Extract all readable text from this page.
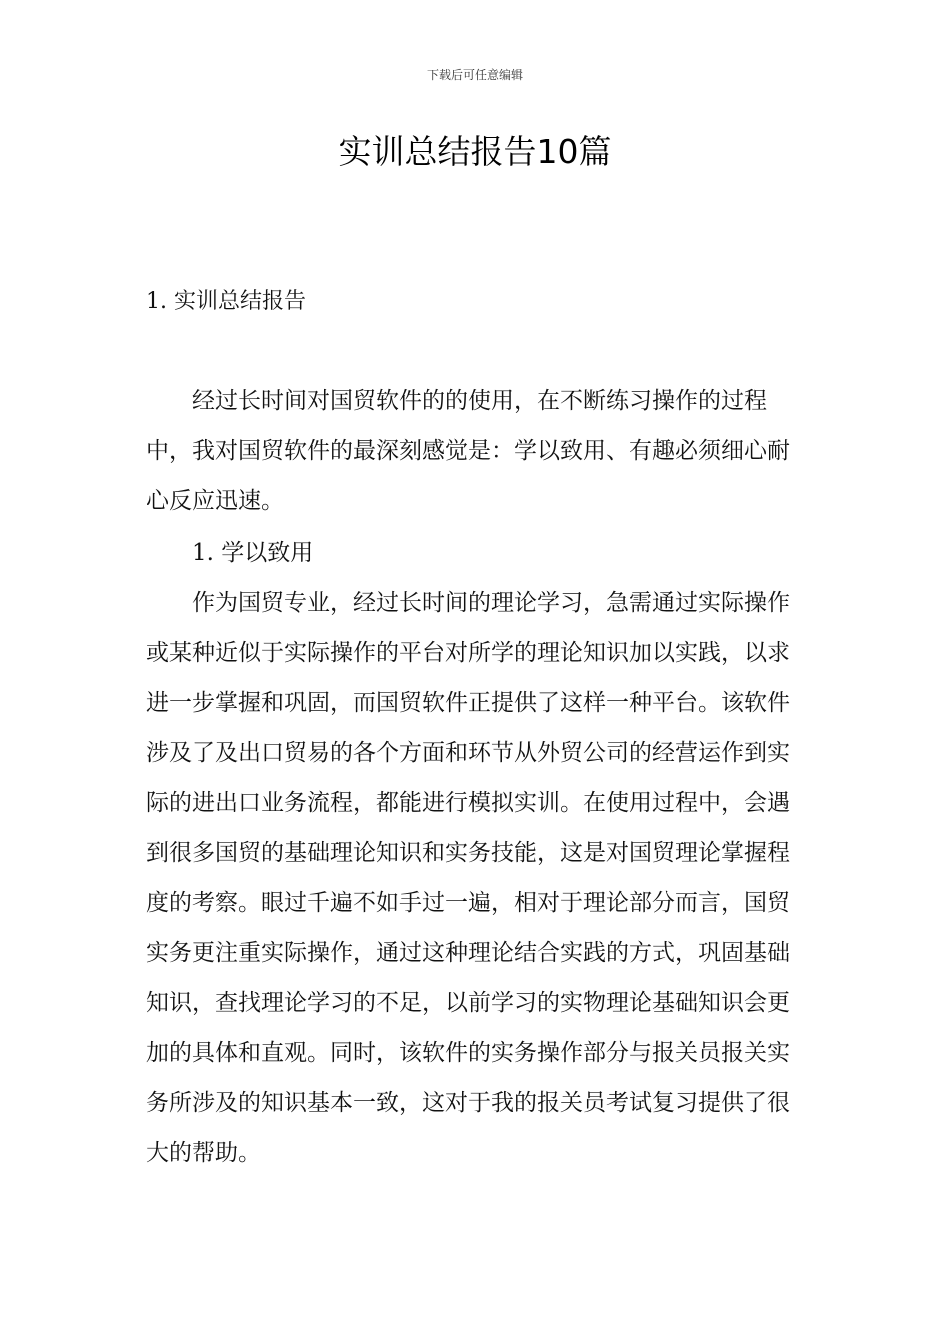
下载后可任意编辑
实训总结报告10篇
1. 实训总结报告

经过长时间对国贸软件的的使用，在不断练习操作的过程中，我对国贸软件的最深刻感觉是：学以致用、有趣必须细心耐心反应迅速。

1. 学以致用

作为国贸专业，经过长时间的理论学习，急需通过实际操作或某种近似于实际操作的平台对所学的理论知识加以实践，以求进一步掌握和巩固，而国贸软件正提供了这样一种平台。该软件涉及了及出口贸易的各个方面和环节从外贸公司的经营运作到实际的进出口业务流程，都能进行模拟实训。在使用过程中，会遇到很多国贸的基础理论知识和实务技能，这是对国贸理论掌握程度的考察。眼过千遍不如手过一遍，相对于理论部分而言，国贸实务更注重实际操作，通过这种理论结合实践的方式，巩固基础知识，查找理论学习的不足，以前学习的实物理论基础知识会更加的具体和直观。同时，该软件的实务操作部分与报关员报关实务所涉及的知识基本一致，这对于我的报关员考试复习提供了很大的帮助。
